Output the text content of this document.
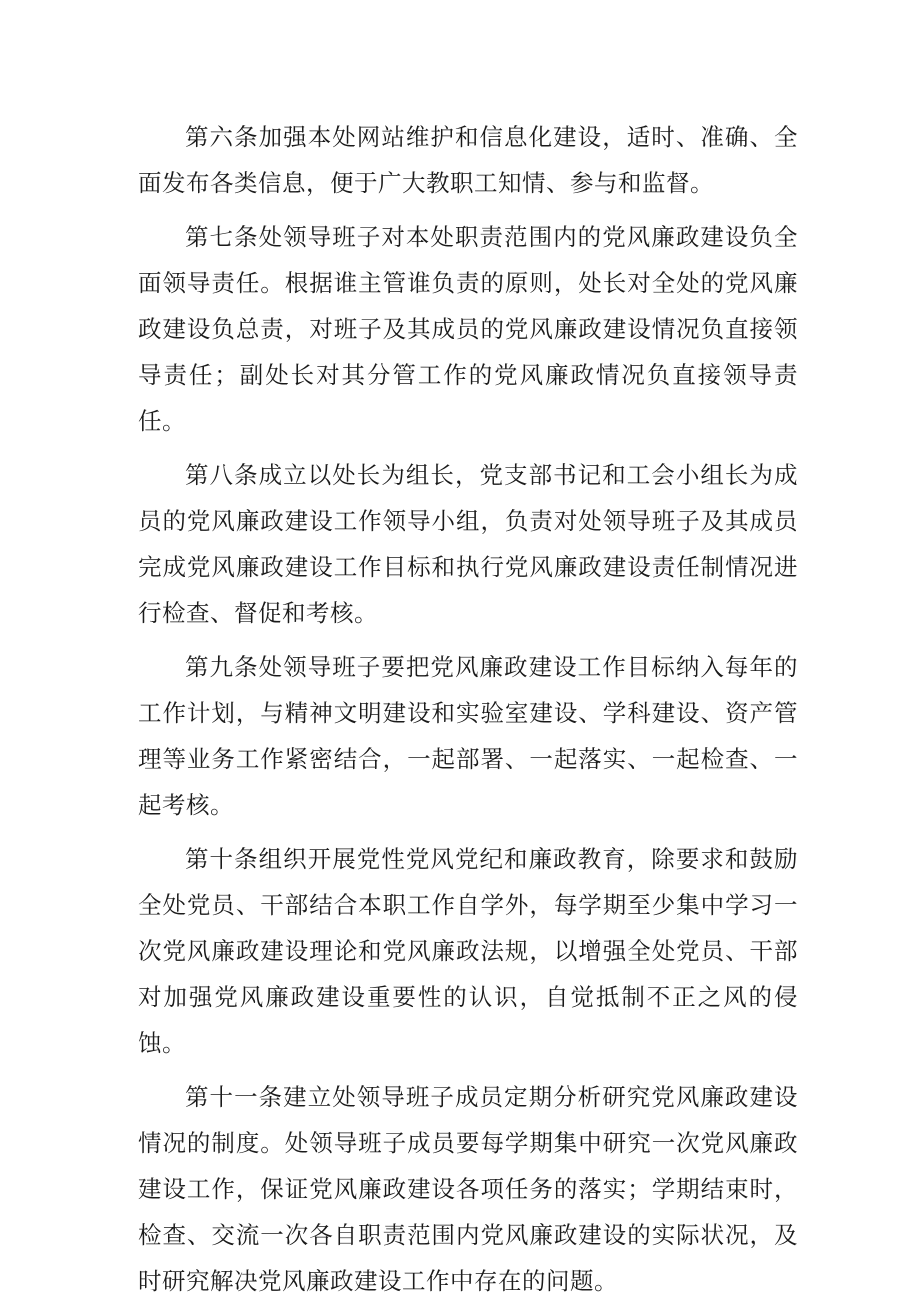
第六条加强本处网站维护和信息化建设，适时、准确、全面发布各类信息，便于广大教职工知情、参与和监督。

第七条处领导班子对本处职责范围内的党风廉政建设负全面领导责任。根据谁主管谁负责的原则，处长对全处的党风廉政建设负总责，对班子及其成员的党风廉政建设情况负直接领导责任；副处长对其分管工作的党风廉政情况负直接领导责任。

第八条成立以处长为组长，党支部书记和工会小组长为成员的党风廉政建设工作领导小组，负责对处领导班子及其成员完成党风廉政建设工作目标和执行党风廉政建设责任制情况进行检查、督促和考核。

第九条处领导班子要把党风廉政建设工作目标纳入每年的工作计划，与精神文明建设和实验室建设、学科建设、资产管理等业务工作紧密结合，一起部署、一起落实、一起检查、一起考核。

第十条组织开展党性党风党纪和廉政教育，除要求和鼓励全处党员、干部结合本职工作自学外，每学期至少集中学习一次党风廉政建设理论和党风廉政法规，以增强全处党员、干部对加强党风廉政建设重要性的认识，自觉抵制不正之风的侵蚀。

第十一条建立处领导班子成员定期分析研究党风廉政建设情况的制度。处领导班子成员要每学期集中研究一次党风廉政建设工作，保证党风廉政建设各项任务的落实；学期结束时，检查、交流一次各自职责范围内党风廉政建设的实际状况，及时研究解决党风廉政建设工作中存在的问题。
